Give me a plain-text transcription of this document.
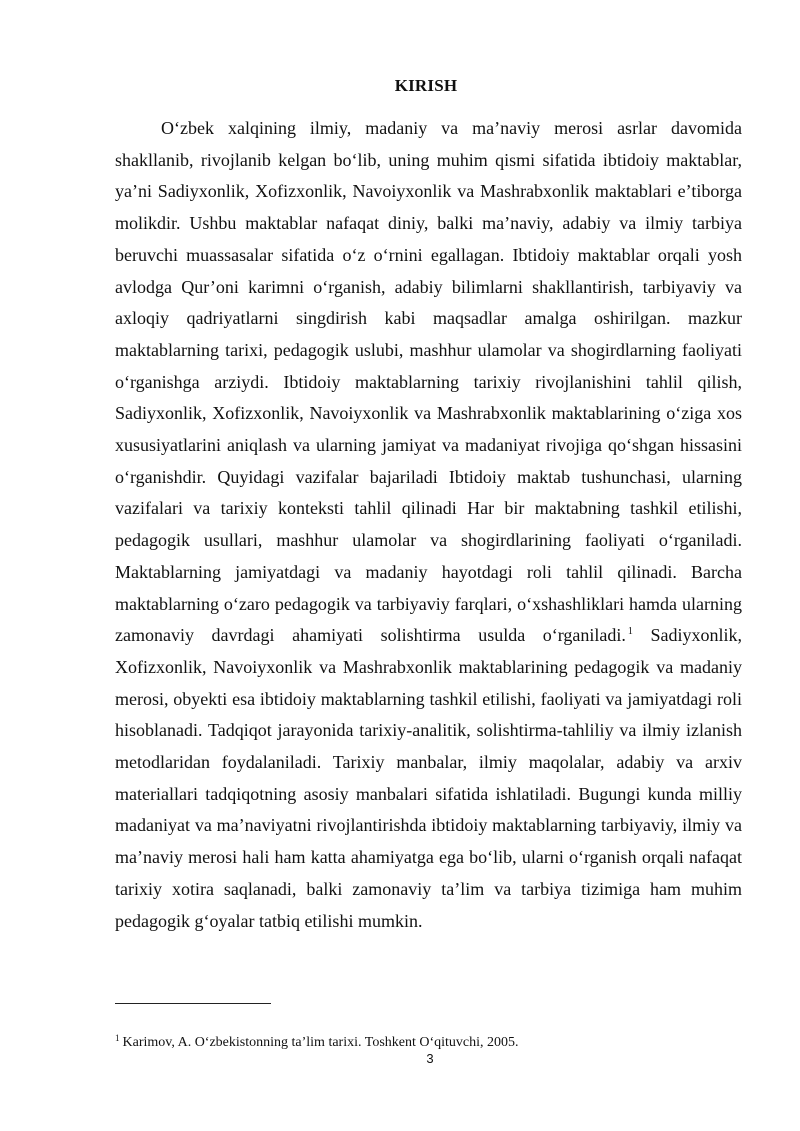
KIRISH

O‘zbek xalqining ilmiy, madaniy va ma’naviy merosi asrlar davomida shakllanib, rivojlanib kelgan bo‘lib, uning muhim qismi sifatida ibtidoiy maktablar, ya’ni Sadiyxonlik, Xofizxonlik, Navoiyxonlik va Mashrabxonlik maktablari e’tiborga molikdir. Ushbu maktablar nafaqat diniy, balki ma’naviy, adabiy va ilmiy tarbiya beruvchi muassasalar sifatida o‘z o‘rnini egallagan. Ibtidoiy maktablar orqali yosh avlodga Qur’oni karimni o‘rganish, adabiy bilimlarni shakllantirish, tarbiyaviy va axloqiy qadriyatlarni singdirish kabi maqsadlar amalga oshirilgan. mazkur maktablarning tarixi, pedagogik uslubi, mashhur ulamolar va shogirdlarning faoliyati o‘rganishga arziydi. Ibtidoiy maktablarning tarixiy rivojlanishini tahlil qilish, Sadiyxonlik, Xofizxonlik, Navoiyxonlik va Mashrabxonlik maktablarining o‘ziga xos xususiyatlarini aniqlash va ularning jamiyat va madaniyat rivojiga qo‘shgan hissasini o‘rganishdir. Quyidagi vazifalar bajariladi Ibtidoiy maktab tushunchasi, ularning vazifalari va tarixiy konteksti tahlil qilinadi Har bir maktabning tashkil etilishi, pedagogik usullari, mashhur ulamolar va shogirdlarining faoliyati o‘rganiladi. Maktablarning jamiyatdagi va madaniy hayotdagi roli tahlil qilinadi. Barcha maktablarning o‘zaro pedagogik va tarbiyaviy farqlari, o‘xshashliklari hamda ularning zamonaviy davrdagi ahamiyati solishtirma usulda o‘rganiladi. $^1$ Sadiyxonlik, Xofizxonlik, Navoiyxonlik va Mashrabxonlik maktablarining pedagogik va madaniy merosi, obyekti esa ibtidoiy maktablarning tashkil etilishi, faoliyati va jamiyatdagi roli hisoblanadi. Tadqiqot jarayonida tarixiy-analitik, solishtirma-tahliliy va ilmiy izlanish metodlaridan foydalaniladi. Tarixiy manbalar, ilmiy maqolalar, adabiy va arxiv materiallari tadqiqotning asosiy manbalari sifatida ishlatiladi. Bugungi kunda milliy madaniyat va ma’naviyatni rivojlantirishda ibtidoiy maktablarning tarbiyaviy, ilmiy va ma’naviy merosi hali ham katta ahamiyatga ega bo‘lib, ularni o‘rganish orqali nafaqat tarixiy xotira saqlanadi, balki zamonaviy ta’lim va tarbiya tizimiga ham muhim pedagogik g‘oyalar tatbiq etilishi mumkin.

$^1$ Karimov, A. O‘zbekistonning ta’lim tarixi. Toshkent O‘qituvchi, 2005.
3
